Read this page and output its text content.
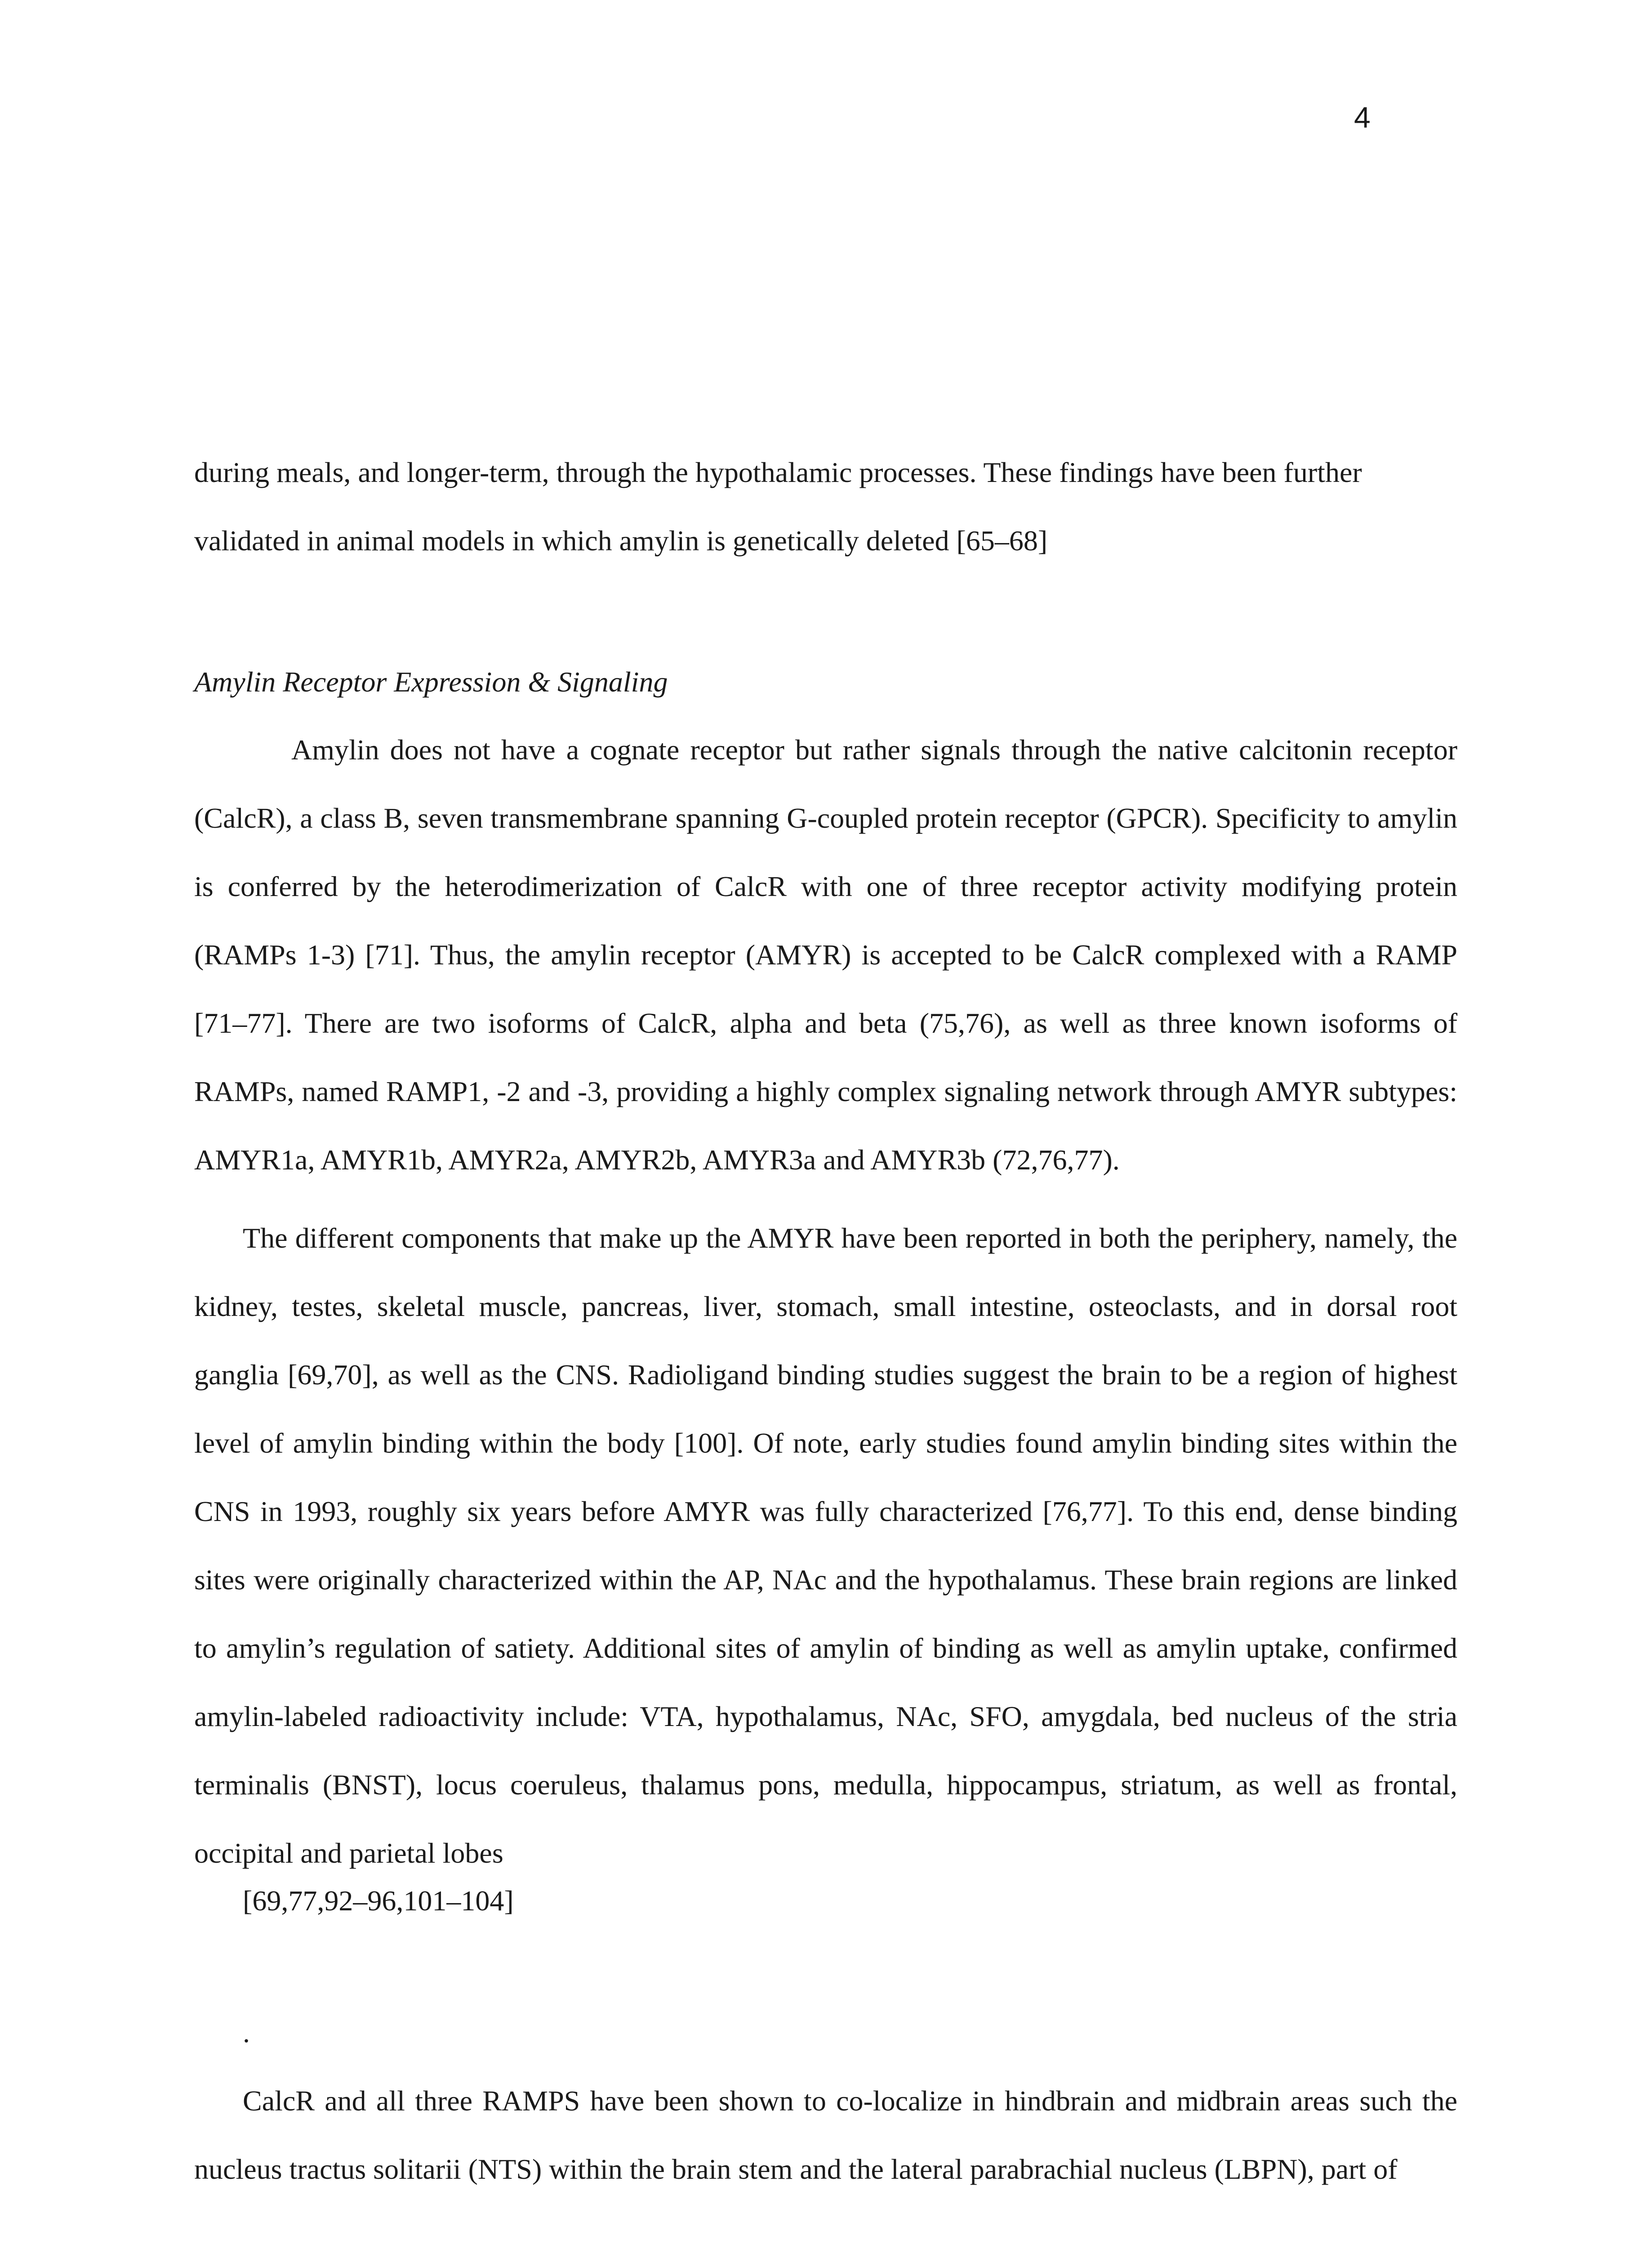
4

during meals, and longer-term, through the hypothalamic processes. These findings have been further validated in animal models in which amylin is genetically deleted [65–68]

Amylin Receptor Expression & Signaling

Amylin does not have a cognate receptor but rather signals through the native calcitonin receptor (CalcR), a class B, seven transmembrane spanning G-coupled protein receptor (GPCR). Specificity to amylin is conferred by the heterodimerization of CalcR with one of three receptor activity modifying protein (RAMPs 1-3) [71]. Thus, the amylin receptor (AMYR) is accepted to be CalcR complexed with a RAMP [71–77]. There are two isoforms of CalcR, alpha and beta (75,76), as well as three known isoforms of RAMPs, named RAMP1, -2 and -3, providing a highly complex signaling network through AMYR subtypes: AMYR1a, AMYR1b, AMYR2a, AMYR2b, AMYR3a and AMYR3b (72,76,77).

The different components that make up the AMYR have been reported in both the periphery, namely, the kidney, testes, skeletal muscle, pancreas, liver, stomach, small intestine, osteoclasts, and in dorsal root ganglia [69,70], as well as the CNS. Radioligand binding studies suggest the brain to be a region of highest level of amylin binding within the body [100]. Of note, early studies found amylin binding sites within the CNS in 1993, roughly six years before AMYR was fully characterized [76,77]. To this end, dense binding sites were originally characterized within the AP, NAc and the hypothalamus. These brain regions are linked to amylin’s regulation of satiety. Additional sites of amylin of binding as well as amylin uptake, confirmed amylin-labeled radioactivity include: VTA, hypothalamus, NAc, SFO, amygdala, bed nucleus of the stria terminalis (BNST), locus coeruleus, thalamus pons, medulla, hippocampus, striatum, as well as frontal, occipital and parietal lobes

[69,77,92–96,101–104]

.

CalcR and all three RAMPS have been shown to co-localize in hindbrain and midbrain areas such the nucleus tractus solitarii (NTS) within the brain stem and the lateral parabrachial nucleus (LBPN), part of
